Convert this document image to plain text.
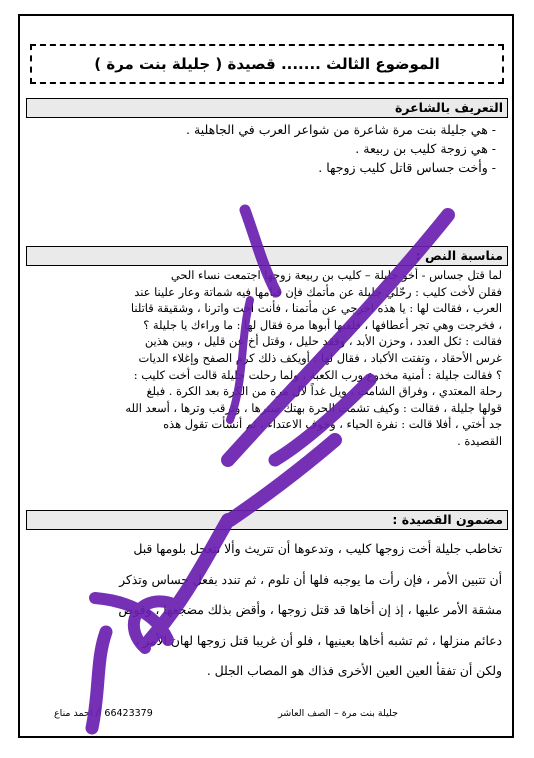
الموضوع الثالث ....... قصيدة ( جليلة بنت مرة )
التعريف بالشاعرة
- هي جليلة بنت مرة شاعرة من شواعر العرب في الجاهلية .
- هي زوجة كليب بن ربيعة .
- وأخت جساس قاتل كليب زوجها .
مناسبة النص :
لما قتل جساس - أخو جليلة – كليب بن ربيعة زوجها اجتمعت نساء الحي
فقلن لأخت كليب : رحّلي جليلة عن مأتمك فإن قيامها فيه شماتة وعار علينا عند
العرب ، فقالت لها : يا هذه اخرجي عن مأتمنا ، فأنت أخت واترنا ، وشقيقة قاتلنا
، فخرجت وهي تجر أعطافها ، فلقيها أبوها مرة فقال لها : ما وراءك يا جليلة ؟
فقالت : ثكل العدد ، وحزن الأبد ، وفقد حليل ، وقتل أخ عن قليل ، وبين هذين
غرس الأحقاد ، وتفتت الأكباد ، فقال لها : أويكف ذلك كرم الصفح وإغلاء الديات
؟ فقالت جليلة : أمنية مخدوع ورب الكعبة ، ولما رحلت جليلة قالت أخت كليب :
رحلة المعتدي ، وفراق الشامت ، ويل غداً لآل مرة من الكرة بعد الكرة . فبلغ
قولها جليلة ، فقالت : وكيف تشمت الحرة بهتك سترها ، وترقب وترها ، أسعد الله
جد أختي ، أفلا قالت : نفرة الحياء ، وخوف الاعتداء ، ثم أنشأت تقول هذه
القصيدة .
مضمون القصيدة :
تخاطب جليلة أخت زوجها كليب ، وتدعوها أن تتريث وألا تتعجل بلومها قبل
أن تتبين الأمر ، فإن رأت ما يوجبه فلها أن تلوم ، ثم تندد بفعل جساس وتذكر
مشقة الأمر عليها ، إذ إن أخاها قد قتل زوجها ، وأقض بذلك مضجعها ، وقوض
دعائم منزلها ، ثم تشبه أخاها بعينيها ، فلو أن غريبا قتل زوجها لهان الأمر ،
ولكن أن تفقأ العين العين الأخرى فذاك هو المصاب الجلل .
66423379 أ/ احمد مناع	جليلة بنت مرة – الصف العاشر
